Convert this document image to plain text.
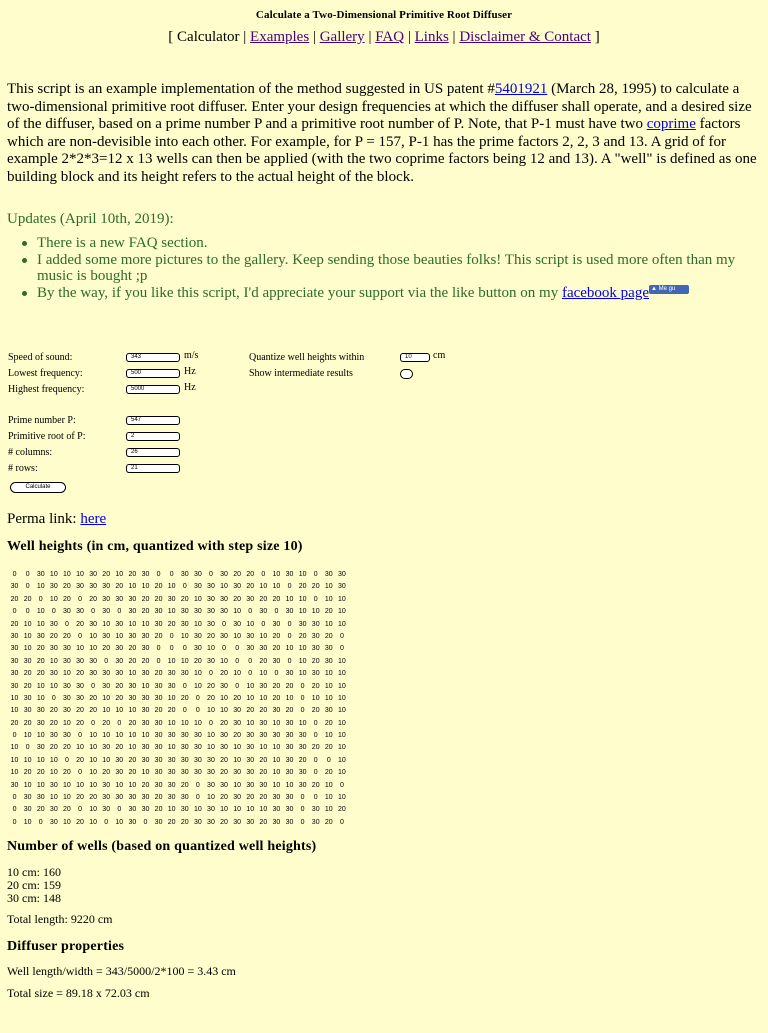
Calculate a Two-Dimensional Primitive Root Diffuser
[ Calculator | Examples | Gallery | FAQ | Links | Disclaimer & Contact ]
This script is an example implementation of the method suggested in US patent #5401921 (March 28, 1995) to calculate a two-dimensional primitive root diffuser. Enter your design frequencies at which the diffuser shall operate, and a desired size of the diffuser, based on a prime number P and a primitive root number of P. Note, that P-1 must have two coprime factors which are non-devisible into each other. For example, for P = 157, P-1 has the prime factors 2, 2, 3 and 13. A grid of for example 2*2*3=12 x 13 wells can then be applied (with the two coprime factors being 12 and 13). A "well" is defined as one building block and its height refers to the actual height of the block.
Updates (April 10th, 2019):
There is a new FAQ section.
I added some more pictures to the gallery. Keep sending those beauties folks! This script is used more often than my music is bought ;p
By the way, if you like this script, I'd appreciate your support via the like button on my facebook page ▲ Me gu
Speed of sound:	343	m/s
Lowest frequency:	500	Hz
Highest frequency:	5000	Hz
Quantize well heights within	10	cm
Show intermediate results
Prime number P:	547
Primitive root of P:	2
# columns:	26
# rows:	21
Calculate
Perma link: here
Well heights (in cm, quantized with step size 10)
0 0 30 10 10 10 30 20 10 20 30 0 0 30 30 0 30 20 20 0 10 30 10 0 30 30
30 0 10 30 20 30 30 30 20 10 10 20 10 0 30 30 10 30 20 10 10 0 20 20 10 30
20 20 0 10 20 0 20 30 30 30 20 20 30 20 10 30 30 20 30 20 20 10 10 0 10 10
0 0 10 0 30 30 0 30 0 30 20 30 10 30 30 30 30 10 0 30 0 30 10 10 20 10
20 10 10 30 0 20 30 10 30 10 10 30 20 30 10 30 0 30 10 0 30 0 30 30 10 10
30 10 30 20 20 0 10 30 10 30 30 20 0 10 30 20 30 10 30 10 20 0 20 30 20 0
30 10 20 30 30 10 10 20 30 20 30 0 0 0 30 10 0 0 30 30 20 10 10 30 30 0
30 30 20 10 30 30 30 0 30 20 20 0 10 10 20 30 10 0 0 20 30 0 10 20 30 10
30 20 20 30 10 20 30 30 30 10 30 20 30 30 10 0 20 10 0 10 0 30 10 30 10 10
30 20 10 10 30 30 0 30 20 30 10 30 30 0 10 20 30 0 10 30 20 20 0 20 10 10
10 30 10 0 30 30 20 10 20 30 30 30 10 20 0 20 10 20 10 10 20 10 0 10 10 10
10 30 30 20 30 20 20 10 10 10 30 20 20 0 0 10 10 30 20 20 30 20 0 20 30 10
20 20 30 20 10 20 0 20 0 20 30 30 10 10 10 0 20 30 10 30 10 30 10 0 20 10
0 10 10 30 30 0 10 10 10 10 10 30 30 30 30 10 30 20 30 30 30 30 30 0 10 10
10 0 30 20 20 10 10 30 20 10 30 30 10 30 30 10 30 10 30 10 10 30 30 20 20 10
10 10 10 10 0 20 10 10 30 20 30 30 30 30 30 30 20 10 30 20 10 30 20 0 0 10
10 20 20 10 20 0 10 20 30 20 10 30 30 30 30 30 20 30 30 20 10 30 30 0 20 10
30 10 10 30 10 10 10 30 10 10 20 30 30 20 0 30 30 10 30 30 10 10 30 20 10 0
0 30 30 10 10 20 20 30 30 30 30 20 30 30 0 10 20 30 20 20 30 30 0 0 10 10
0 30 20 30 20 0 10 30 0 30 30 20 10 30 10 30 10 10 10 10 30 30 0 30 10 20
0 10 0 30 10 20 10 0 10 30 0 30 20 20 30 30 20 30 30 20 30 30 0 30 20 0
Number of wells (based on quantized well heights)
10 cm: 160
20 cm: 159
30 cm: 148
Total length: 9220 cm
Diffuser properties
Well length/width = 343/5000/2*100 = 3.43 cm
Total size = 89.18 x 72.03 cm
